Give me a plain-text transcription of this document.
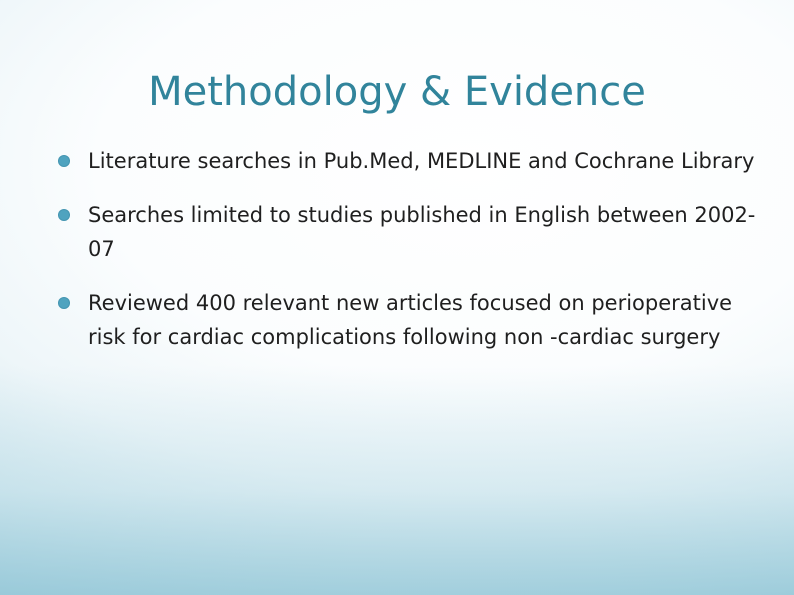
Methodology & Evidence
Literature searches in Pub.Med, MEDLINE and Cochrane Library
Searches limited to studies published in English between 2002-07
Reviewed 400 relevant new articles focused on perioperative risk for cardiac complications following non -cardiac surgery
